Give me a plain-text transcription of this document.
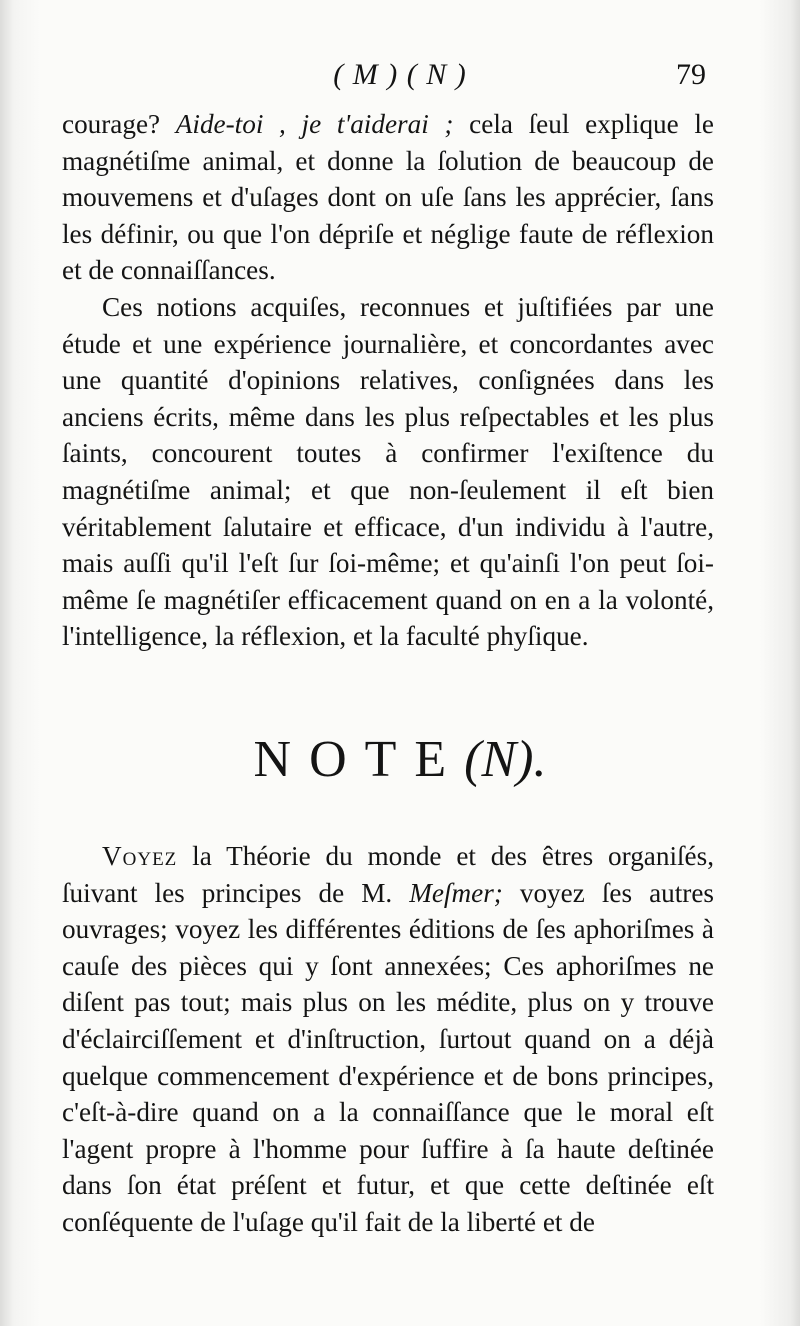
( M ) ( N )	79

courage? Aide-toi , je t'aiderai ; cela ſeul explique le magnétiſme animal, et donne la ſolution de beaucoup de mouvemens et d'uſages dont on uſe ſans les apprécier, ſans les définir, ou que l'on dépriſe et néglige faute de réflexion et de connaiſſances.

Ces notions acquiſes, reconnues et juſtifiées par une étude et une expérience journalière, et concordantes avec une quantité d'opinions relatives, conſignées dans les anciens écrits, même dans les plus reſpectables et les plus ſaints, concourent toutes à confirmer l'exiſtence du magnétiſme animal; et que non-ſeulement il eſt bien véritablement ſalutaire et efficace, d'un individu à l'autre, mais auſſi qu'il l'eſt ſur ſoi-même; et qu'ainſi l'on peut ſoi-même ſe magnétiſer efficacement quand on en a la volonté, l'intelligence, la réflexion, et la faculté phyſique.

NOTE(N).

Voyez la Théorie du monde et des êtres organiſés, ſuivant les principes de M. Meſmer; voyez ſes autres ouvrages; voyez les différentes éditions de ſes aphoriſmes à cauſe des pièces qui y ſont annexées; Ces aphoriſmes ne diſent pas tout; mais plus on les médite, plus on y trouve d'éclairciſſement et d'inſtruction, ſurtout quand on a déjà quelque commencement d'expérience et de bons principes, c'eſt-à-dire quand on a la connaiſſance que le moral eſt l'agent propre à l'homme pour ſuffire à ſa haute deſtinée dans ſon état préſent et futur, et que cette deſtinée eſt conſéquente de l'uſage qu'il fait de la liberté et de
